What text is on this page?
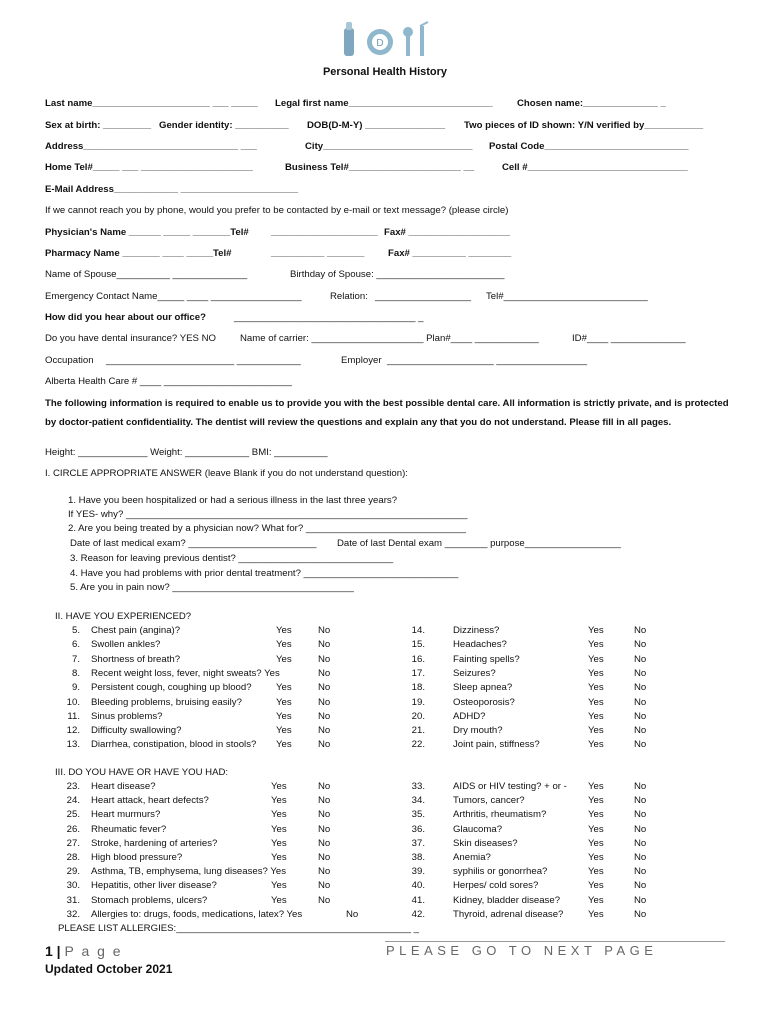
D
Personal Health History
Last name______________________ ___ _____ Legal first name___________________________	Chosen name:______________ _
Sex at birth: _________ Gender identity: __________ DOB(D-M-Y) _______________ Two pieces of ID shown: Y/N verified by___________
Address_____________________________ ___	City____________________________ Postal Code___________________________
Home Tel#_____ ___ _____________________	Business Tel#_____________________ __	Cell #______________________________
E-Mail Address____________ ______________________
If we cannot reach you by phone, would you prefer to be contacted by e-mail or text message? (please circle)
Physician's Name ______ _____ _______Tel# ____________________ Fax# ___________________
Pharmacy Name _______ ____ _____Tel#	__________ _______ Fax# __________ ________
Name of Spouse__________ ______________	Birthday of Spouse: ________________________
Emergency Contact Name_____ ____ _________________	Relation: __________________ Tel#___________________________
How did you hear about our office?	__________________________________ _
Do you have dental insurance? YES NO Name of carrier: _____________________ Plan#____ ____________	ID#____ ______________
Occupation ________________________ ____________	Employer ____________________ _________________
Alberta Health Care # ____ ________________________
The following information is required to enable us to provide you with the best possible dental care. All information is strictly private, and is protected by doctor-patient confidentiality. The dentist will review the questions and explain any that you do not understand. Please fill in all pages.
Height: _____________ Weight: ____________ BMI: __________
I. CIRCLE APPROPRIATE ANSWER (leave Blank if you do not understand question):
1. Have you been hospitalized or had a serious illness in the last three years?
If YES- why? ________________________________________________________________
2. Are you being treated by a physician now? What for? ______________________________
Date of last medical exam? ________________________ Date of last Dental exam ________ purpose__________________
3. Reason for leaving previous dentist? _____________________________
4. Have you had problems with prior dental treatment? _____________________________
5. Are you in pain now? __________________________________
II. HAVE YOU EXPERIENCED?
5. Chest pain (angina)?	Yes	No
6. Swollen ankles?	Yes	No
7. Shortness of breath?	Yes	No
8. Recent weight loss, fever, night sweats? Yes	No
9. Persistent cough, coughing up blood?	Yes	No
10. Bleeding problems, bruising easily?	Yes	No
11. Sinus problems?	Yes	No
12. Difficulty swallowing?	Yes	No
13. Diarrhea, constipation, blood in stools? Yes	No
14.	Dizziness?	Yes	No
15.	Headaches?	Yes	No
16.	Fainting spells?	Yes	No
17.	Seizures?	Yes	No
18.	Sleep apnea?	Yes	No
19.	Osteoporosis?	Yes	No
20.	ADHD?	Yes	No
21.	Dry mouth?	Yes	No
22.	Joint pain, stiffness?	Yes	No
III. DO YOU HAVE OR HAVE YOU HAD:
23. Heart disease?	Yes	No
24. Heart attack, heart defects?	Yes	No
25. Heart murmurs?	Yes	No
26. Rheumatic fever?	Yes	No
27. Stroke, hardening of arteries?	Yes	No
28. High blood pressure?	Yes	No
29. Asthma, TB, emphysema, lung diseases? Yes	No
30. Hepatitis, other liver disease?	Yes	No
31. Stomach problems, ulcers?	Yes	No
32. Allergies to: drugs, foods, medications, latex? Yes	No
33.	AIDS or HIV testing? + or - Yes	No
34.	Tumors, cancer?	Yes	No
35.	Arthritis, rheumatism?	Yes	No
36.	Glaucoma?	Yes	No
37.	Skin diseases?	Yes	No
38.	Anemia?	Yes	No
39.	syphilis or gonorrhea?	Yes	No
40.	Herpes/ cold sores?	Yes	No
41.	Kidney, bladder disease?	Yes	No
42.	Thyroid, adrenal disease?	Yes	No
PLEASE LIST ALLERGIES:____________________________________________ _
1 | P a g e
Updated October 2021
PLEASE GO TO NEXT PAGE
